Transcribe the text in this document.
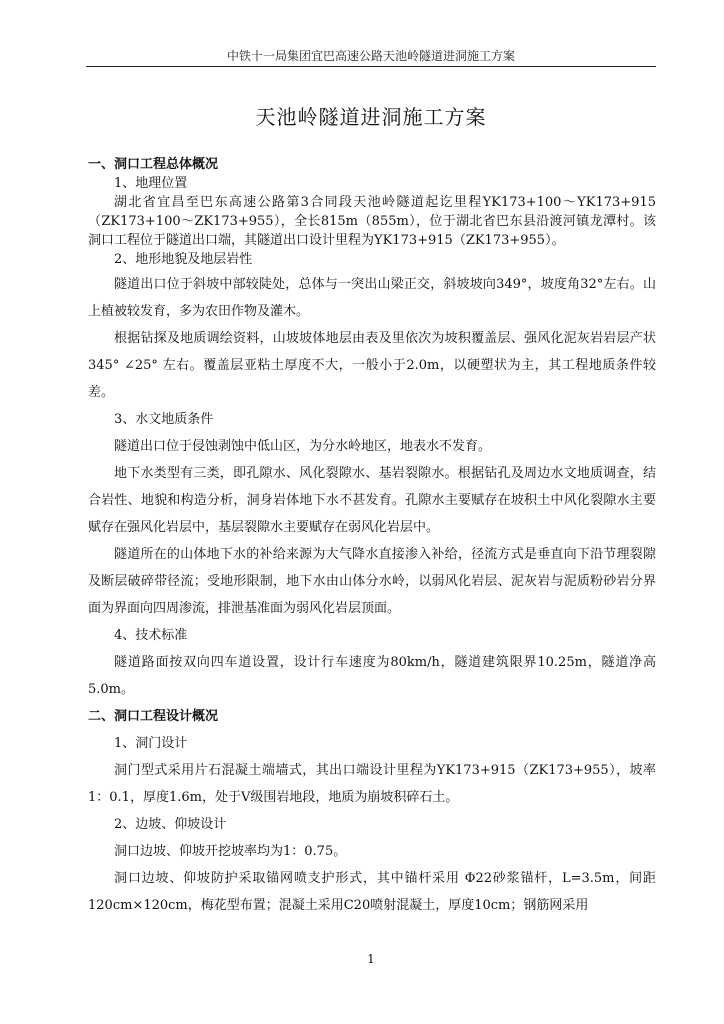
中铁十一局集团宜巴高速公路天池岭隧道进洞施工方案
天池岭隧道进洞施工方案

一、洞口工程总体概况

1、地理位置

湖北省宜昌至巴东高速公路第3合同段天池岭隧道起讫里程YK173+100～YK173+915（ZK173+100～ZK173+955），全长815m（855m），位于湖北省巴东县沿渡河镇龙潭村。该洞口工程位于隧道出口端，其隧道出口设计里程为YK173+915（ZK173+955）。

2、地形地貌及地层岩性

隧道出口位于斜坡中部较陡处，总体与一突出山梁正交，斜坡坡向349°，坡度角32°左右。山上植被较发育，多为农田作物及灌木。

根据钻探及地质调绘资料，山坡坡体地层由表及里依次为坡积覆盖层、强风化泥灰岩岩层产状345° ∠25° 左右。覆盖层亚粘土厚度不大，一般小于2.0m，以硬塑状为主，其工程地质条件较差。

3、水文地质条件

隧道出口位于侵蚀剥蚀中低山区，为分水岭地区，地表水不发育。

地下水类型有三类，即孔隙水、风化裂隙水、基岩裂隙水。根据钻孔及周边水文地质调查，结合岩性、地貌和构造分析，洞身岩体地下水不甚发育。孔隙水主要赋存在坡积土中风化裂隙水主要赋存在强风化岩层中，基层裂隙水主要赋存在弱风化岩层中。

隧道所在的山体地下水的补给来源为大气降水直接渗入补给，径流方式是垂直向下沿节理裂隙及断层破碎带径流；受地形限制，地下水由山体分水岭，以弱风化岩层、泥灰岩与泥质粉砂岩分界面为界面向四周渗流，排泄基准面为弱风化岩层顶面。

4、技术标准

隧道路面按双向四车道设置，设计行车速度为80km/h，隧道建筑限界10.25m，隧道净高5.0m。

二、洞口工程设计概况

1、洞门设计

洞门型式采用片石混凝土端墙式，其出口端设计里程为YK173+915（ZK173+955），坡率1：0.1，厚度1.6m，处于Ⅴ级围岩地段，地质为崩坡积碎石土。

2、边坡、仰坡设计

洞口边坡、仰坡开挖坡率均为1：0.75。

洞口边坡、仰坡防护采取锚网喷支护形式，其中锚杆采用 Φ22砂浆锚杆，L=3.5m，间距120cm×120cm，梅花型布置；混凝土采用C20喷射混凝土，厚度10cm；钢筋网采用

1
